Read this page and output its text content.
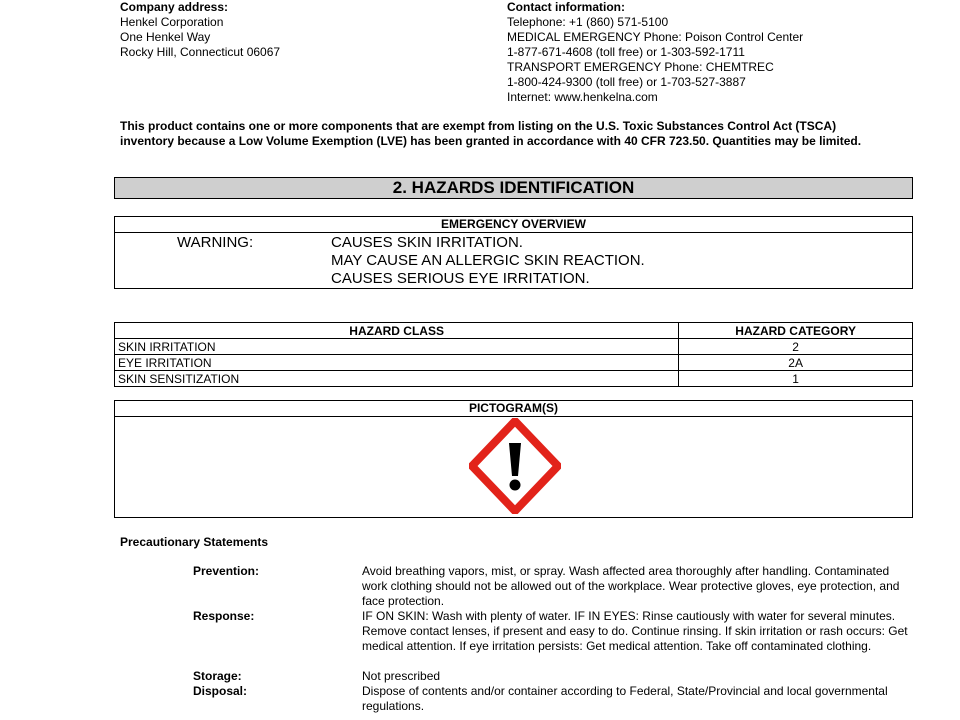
Company address:
Henkel Corporation
One Henkel Way
Rocky Hill, Connecticut 06067
Contact information:
Telephone: +1 (860) 571-5100
MEDICAL EMERGENCY Phone: Poison Control Center
1-877-671-4608 (toll free) or 1-303-592-1711
TRANSPORT EMERGENCY Phone: CHEMTREC
1-800-424-9300 (toll free) or 1-703-527-3887
Internet: www.henkelna.com
This product contains one or more components that are exempt from listing on the U.S. Toxic Substances Control Act (TSCA) inventory because a Low Volume Exemption (LVE) has been granted in accordance with 40 CFR 723.50. Quantities may be limited.
2. HAZARDS IDENTIFICATION
EMERGENCY OVERVIEW
WARNING:	CAUSES SKIN IRRITATION.
MAY CAUSE AN ALLERGIC SKIN REACTION.
CAUSES SERIOUS EYE IRRITATION.
HAZARD CLASS	HAZARD CATEGORY
SKIN IRRITATION	2
EYE IRRITATION	2A
SKIN SENSITIZATION	1
PICTOGRAM(S)
Precautionary Statements
Prevention:	Avoid breathing vapors, mist, or spray. Wash affected area thoroughly after handling. Contaminated work clothing should not be allowed out of the workplace. Wear protective gloves, eye protection, and face protection.
Response:	IF ON SKIN: Wash with plenty of water. IF IN EYES: Rinse cautiously with water for several minutes. Remove contact lenses, if present and easy to do. Continue rinsing. If skin irritation or rash occurs: Get medical attention. If eye irritation persists: Get medical attention. Take off contaminated clothing.
Storage:	Not prescribed
Disposal:	Dispose of contents and/or container according to Federal, State/Provincial and local governmental regulations.
